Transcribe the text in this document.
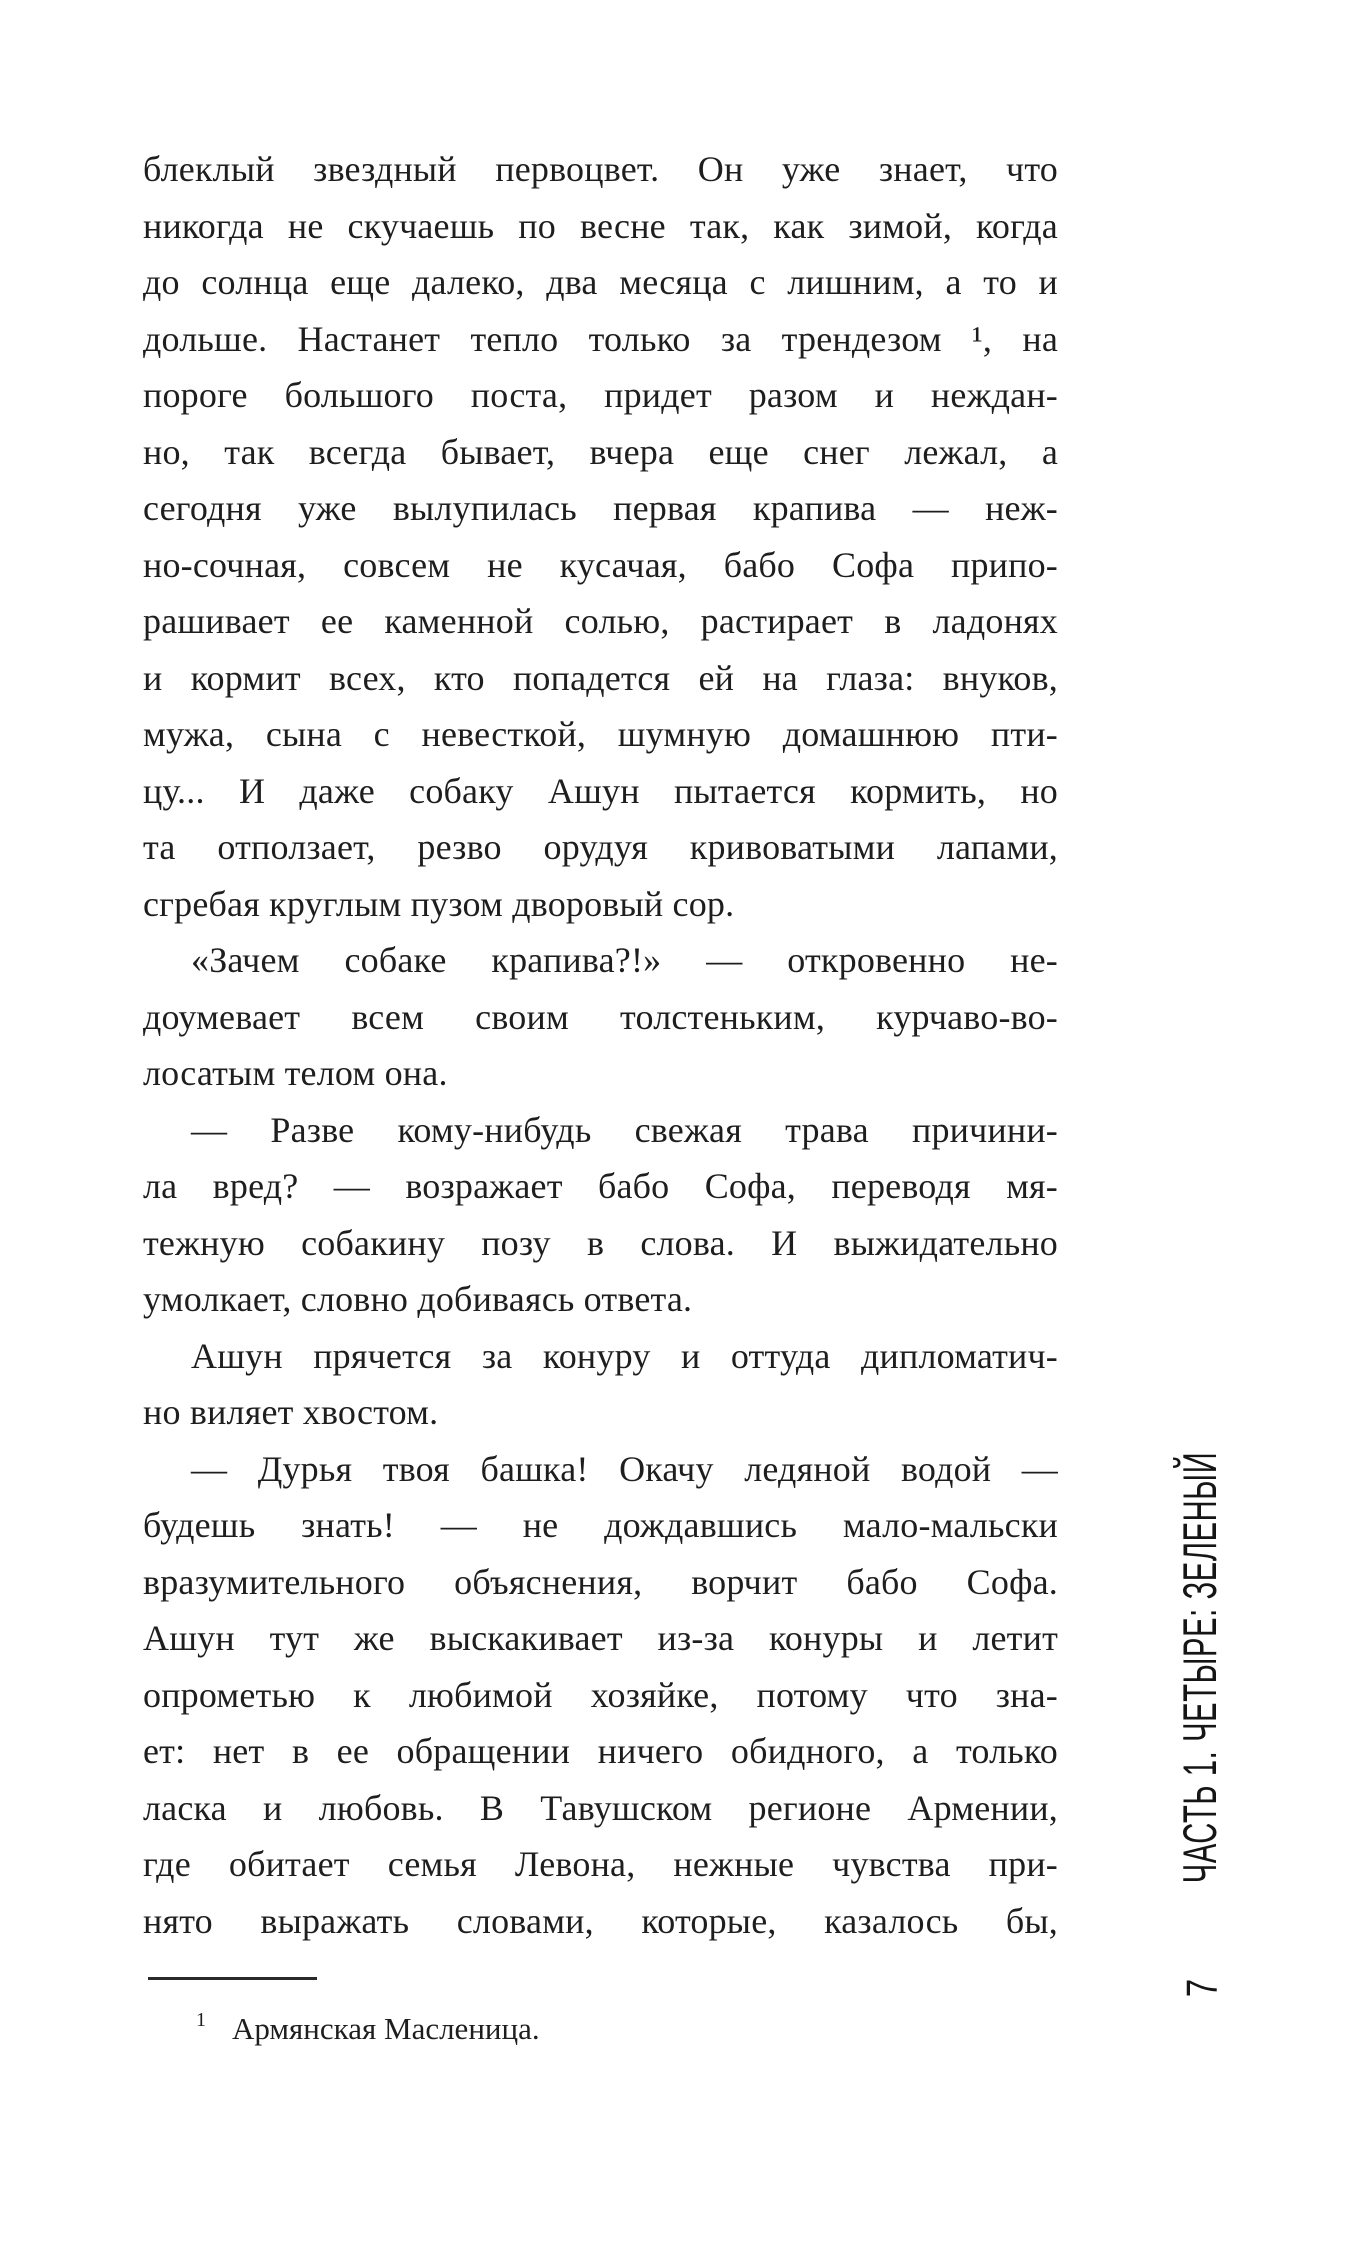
блеклый звездный первоцвет. Он уже знает, что
никогда не скучаешь по весне так, как зимой, когда
до солнца еще далеко, два месяца с лишним, а то и
дольше. Настанет тепло только за трендезом ¹, на
пороге большого поста, придет разом и неждан-
но, так всегда бывает, вчера еще снег лежал, а
сегодня уже вылупилась первая крапива — неж-
но-сочная, совсем не кусачая, бабо Софа припо-
рашивает ее каменной солью, растирает в ладонях
и кормит всех, кто попадется ей на глаза: внуков,
мужа, сына с невесткой, шумную домашнюю пти-
цу... И даже собаку Ашун пытается кормить, но
та отползает, резво орудуя кривоватыми лапами,
сгребая круглым пузом дворовый сор.
«Зачем собаке крапива?!» — откровенно не-
доумевает всем своим толстеньким, курчаво-во-
лосатым телом она.
— Разве кому-нибудь свежая трава причини-
ла вред? — возражает бабо Софа, переводя мя-
тежную собакину позу в слова. И выжидательно
умолкает, словно добиваясь ответа.
Ашун прячется за конуру и оттуда дипломатич-
но виляет хвостом.
— Дурья твоя башка! Окачу ледяной водой —
будешь знать! — не дождавшись мало-мальски
вразумительного объяснения, ворчит бабо Софа.
Ашун тут же выскакивает из-за конуры и летит
опрометью к любимой хозяйке, потому что зна-
ет: нет в ее обращении ничего обидного, а только
ласка и любовь. В Тавушском регионе Армении,
где обитает семья Левона, нежные чувства при-
нято выражать словами, которые, казалось бы,
$^1$ Армянская Масленица.
ЧАСТЬ 1. ЧЕТЫРЕ: ЗЕЛЕНЫЙ
7
